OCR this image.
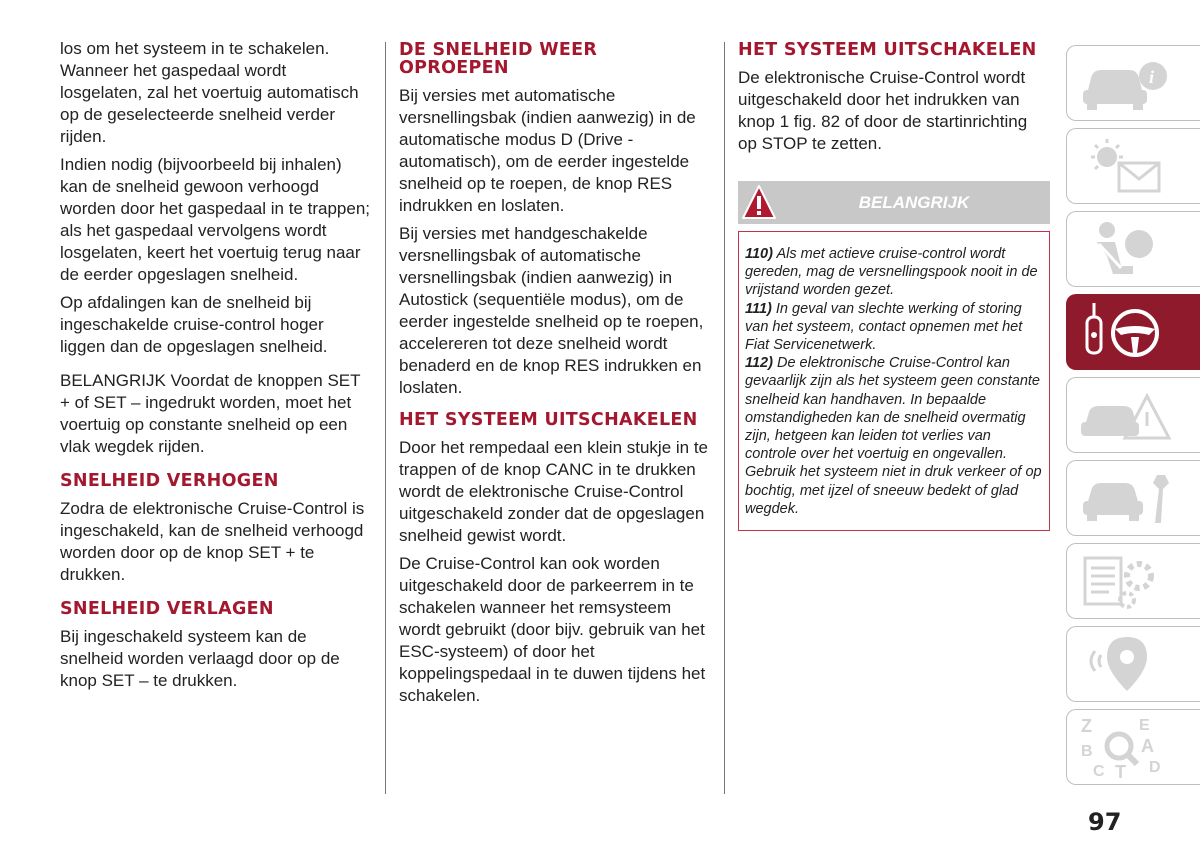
los om het systeem in te schakelen. Wanneer het gaspedaal wordt losgelaten, zal het voertuig automatisch op de geselecteerde snelheid verder rijden.

Indien nodig (bijvoorbeeld bij inhalen) kan de snelheid gewoon verhoogd worden door het gaspedaal in te trappen; als het gaspedaal vervolgens wordt losgelaten, keert het voertuig terug naar de eerder opgeslagen snelheid.

Op afdalingen kan de snelheid bij ingeschakelde cruise-control hoger liggen dan de opgeslagen snelheid.

BELANGRIJK Voordat de knoppen SET + of SET – ingedrukt worden, moet het voertuig op constante snelheid op een vlak wegdek rijden.

SNELHEID VERHOGEN

Zodra de elektronische Cruise-Control is ingeschakeld, kan de snelheid verhoogd worden door op de knop SET + te drukken.

SNELHEID VERLAGEN

Bij ingeschakeld systeem kan de snelheid worden verlaagd door op de knop SET – te drukken.

DE SNELHEID WEER OPROEPEN

Bij versies met automatische versnellingsbak (indien aanwezig) in de automatische modus D (Drive - automatisch), om de eerder ingestelde snelheid op te roepen, de knop RES indrukken en loslaten.

Bij versies met handgeschakelde versnellingsbak of automatische versnellingsbak (indien aanwezig) in Autostick (sequentiële modus), om de eerder ingestelde snelheid op te roepen, accelereren tot deze snelheid wordt benaderd en de knop RES indrukken en loslaten.

HET SYSTEEM UITSCHAKELEN

Door het rempedaal een klein stukje in te trappen of de knop CANC in te drukken wordt de elektronische Cruise-Control uitgeschakeld zonder dat de opgeslagen snelheid gewist wordt.

De Cruise-Control kan ook worden uitgeschakeld door de parkeerrem in te schakelen wanneer het remsysteem wordt gebruikt (door bijv. gebruik van het ESC-systeem) of door het koppelingspedaal in te duwen tijdens het schakelen.

HET SYSTEEM UITSCHAKELEN

De elektronische Cruise-Control wordt uitgeschakeld door het indrukken van knop 1 fig. 82 of door de startinrichting op STOP te zetten.

BELANGRIJK

110) Als met actieve cruise-control wordt gereden, mag de versnellingspook nooit in de vrijstand worden gezet.

111) In geval van slechte werking of storing van het systeem, contact opnemen met het Fiat Servicenetwerk.

112) De elektronische Cruise-Control kan gevaarlijk zijn als het systeem geen constante snelheid kan handhaven. In bepaalde omstandigheden kan de snelheid overmatig zijn, hetgeen kan leiden tot verlies van controle over het voertuig en ongevallen. Gebruik het systeem niet in druk verkeer of op bochtig, met ijzel of sneeuw bedekt of glad wegdek.

i
Z	E
B	A
C T D
97
